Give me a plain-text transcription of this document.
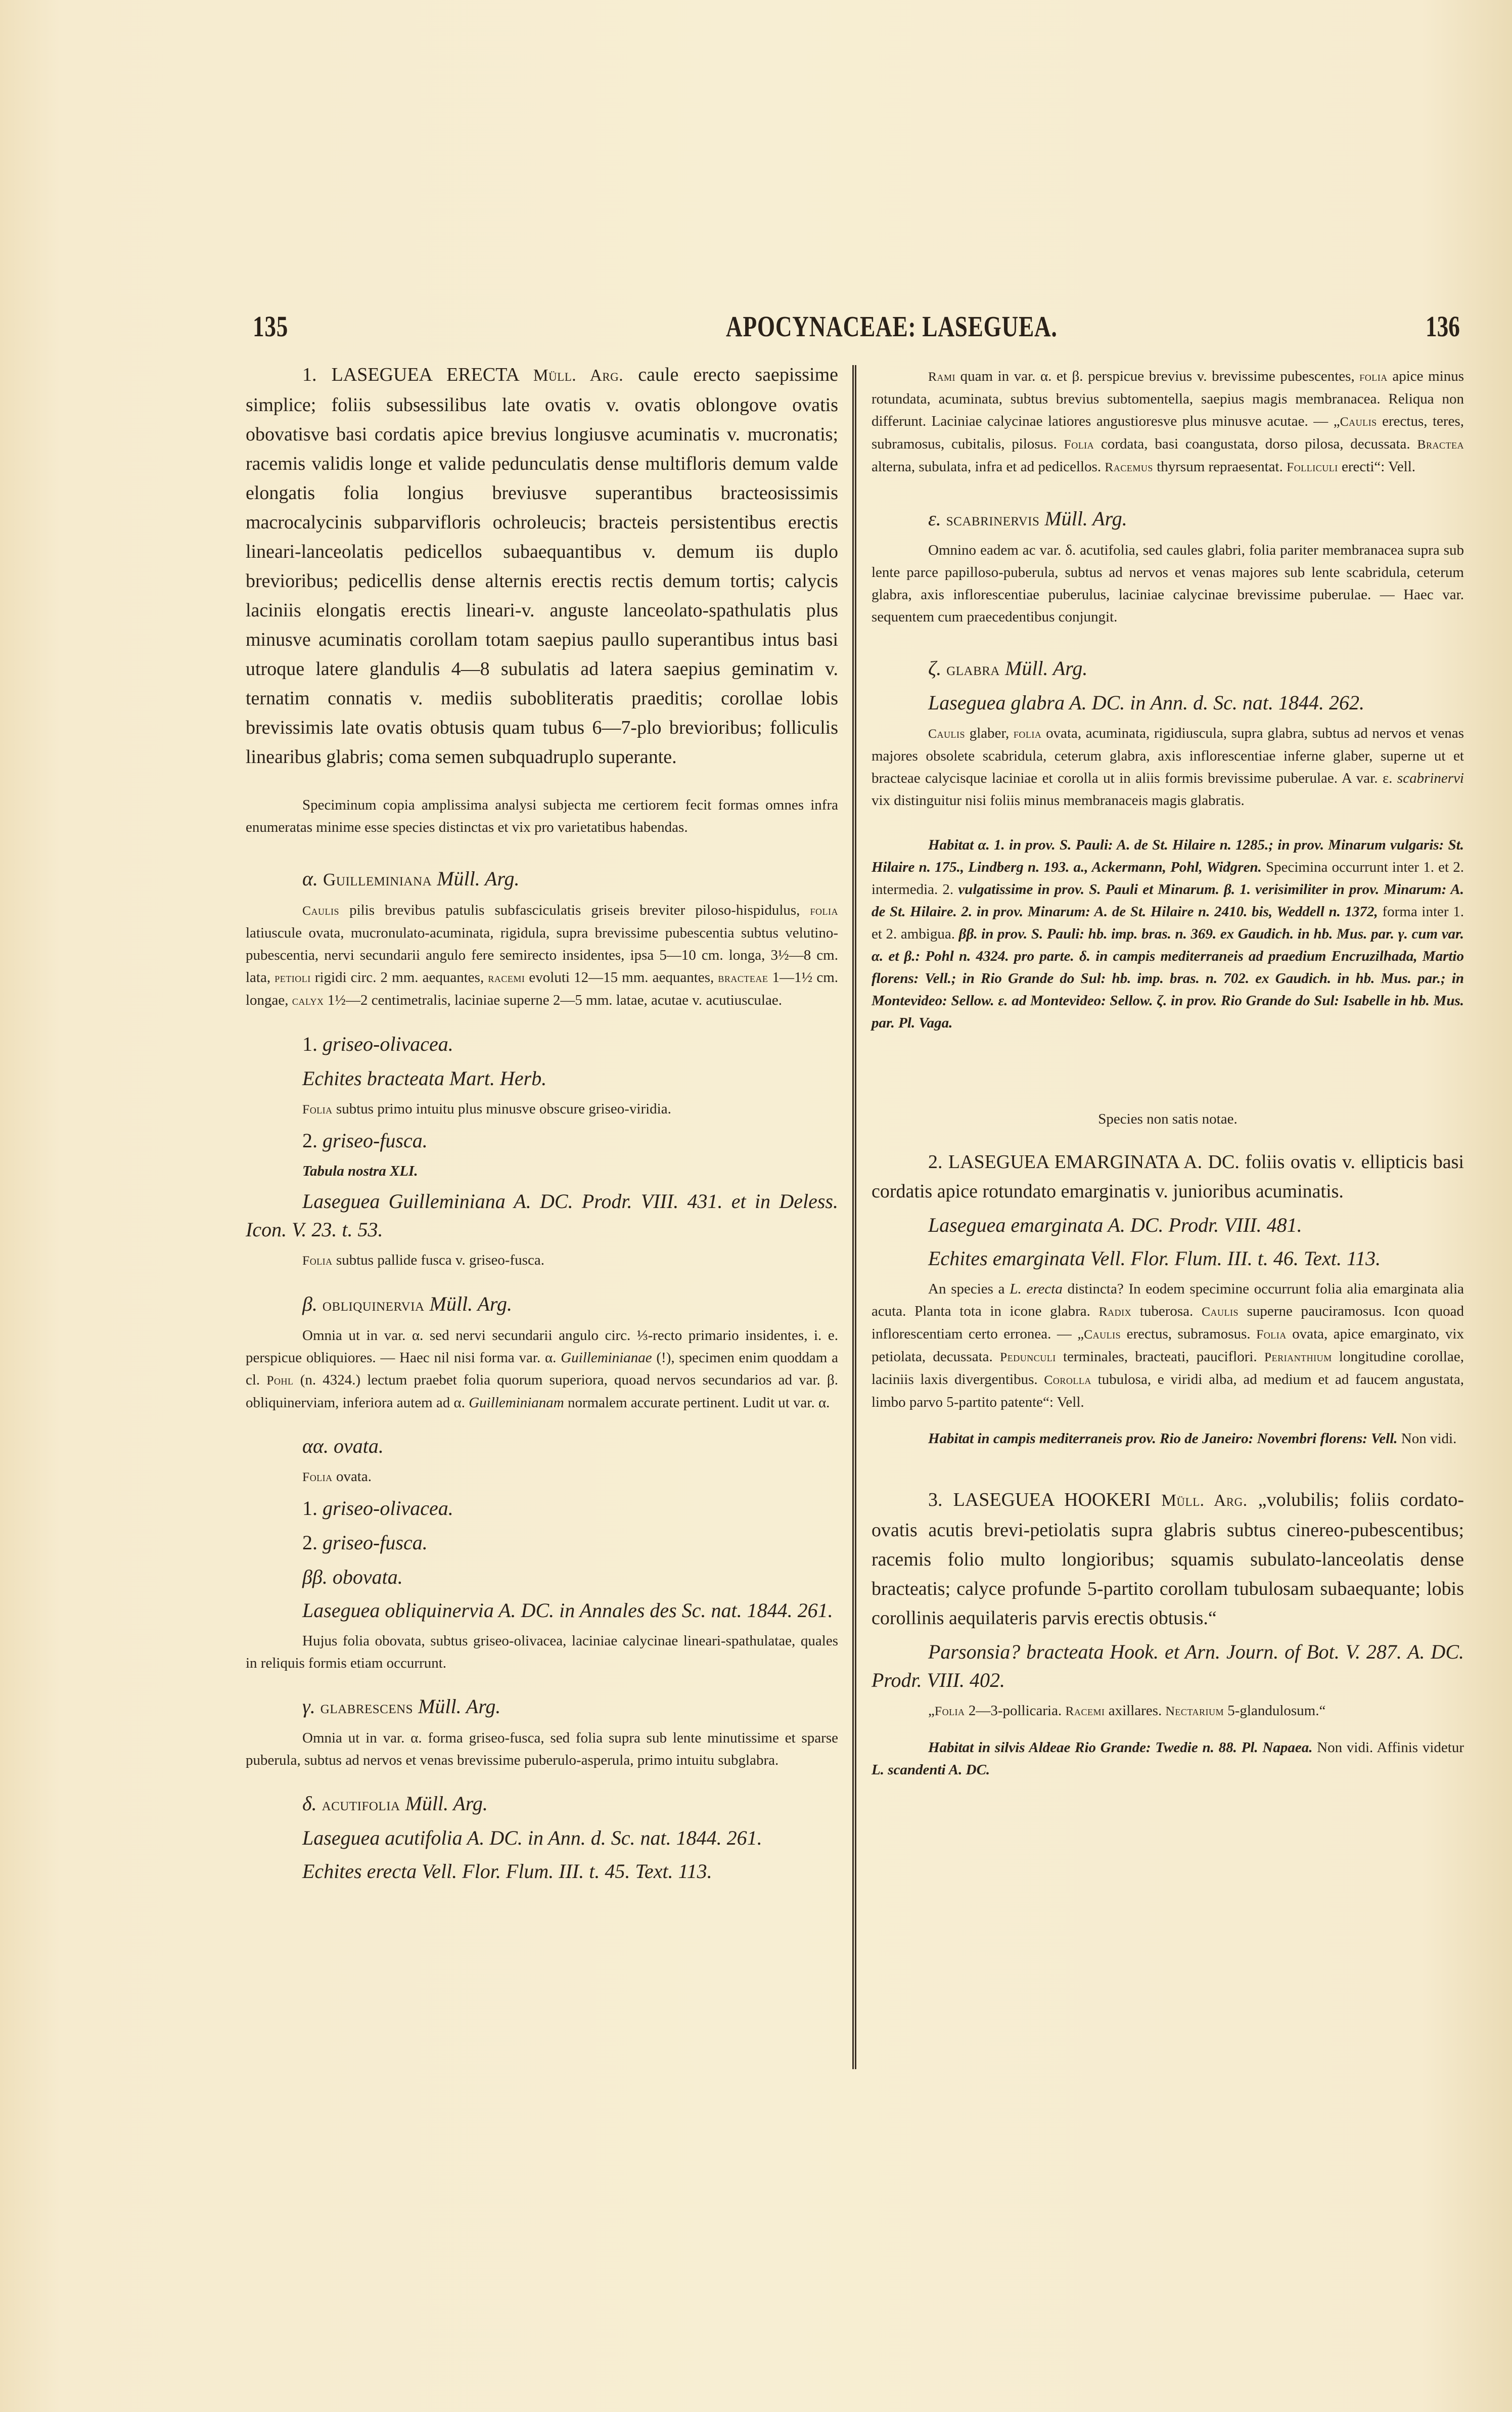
135	APOCYNACEAE: LASEGUEA.	136

1. LASEGUEA ERECTA Müll. Arg. caule erecto saepissime simplice; foliis subsessilibus late ovatis v. ovatis oblongove ovatis obovatisve basi cordatis apice brevius longiusve acuminatis v. mucronatis; racemis validis longe et valide pedunculatis dense multifloris demum valde elongatis folia longius breviusve superantibus bracteosissimis macrocalycinis subparvifloris ochroleucis; bracteis persistentibus erectis lineari-lanceolatis pedicellos subaequantibus v. demum iis duplo brevioribus; pedicellis dense alternis erectis rectis demum tortis; calycis laciniis elongatis erectis lineari-v. anguste lanceolato-spathulatis plus minusve acuminatis corollam totam saepius paullo superantibus intus basi utroque latere glandulis 4—8 subulatis ad latera saepius geminatim v. ternatim connatis v. mediis subobliteratis praeditis; corollae lobis brevissimis late ovatis obtusis quam tubus 6—7-plo brevioribus; folliculis linearibus glabris; coma semen subquadruplo superante.

Speciminum copia amplissima analysi subjecta me certiorem fecit formas omnes infra enumeratas minime esse species distinctas et vix pro varietatibus habendas.

α. Guilleminiana Müll. Arg.

Caulis pilis brevibus patulis subfasciculatis griseis breviter piloso-hispidulus, folia latiuscule ovata, mucronulato-acuminata, rigidula, supra brevissime pubescentia subtus velutino-pubescentia, nervi secundarii angulo fere semirecto insidentes, ipsa 5—10 cm. longa, 3½—8 cm. lata, petioli rigidi circ. 2 mm. aequantes, racemi evoluti 12—15 mm. aequantes, bracteae 1—1½ cm. longae, calyx 1½—2 centimetralis, laciniae superne 2—5 mm. latae, acutae v. acutiusculae.

1. griseo-olivacea.

Echites bracteata Mart. Herb.

Folia subtus primo intuitu plus minusve obscure griseo-viridia.

2. griseo-fusca.

Tabula nostra XLI.

Laseguea Guilleminiana A. DC. Prodr. VIII. 431. et in Deless. Icon. V. 23. t. 53.

Folia subtus pallide fusca v. griseo-fusca.

β. obliquinervia Müll. Arg.

Omnia ut in var. α. sed nervi secundarii angulo circ. ⅓-recto primario insidentes, i. e. perspicue obliquiores. — Haec nil nisi forma var. α. Guilleminianae (!), specimen enim quoddam a cl. Pohl (n. 4324.) lectum praebet folia quorum superiora, quoad nervos secundarios ad var. β. obliquinerviam, inferiora autem ad α. Guilleminianam normalem accurate pertinent. Ludit ut var. α.

αα. ovata.

Folia ovata.

1. griseo-olivacea.

2. griseo-fusca.

ββ. obovata.

Laseguea obliquinervia A. DC. in Annales des Sc. nat. 1844. 261.

Hujus folia obovata, subtus griseo-olivacea, laciniae calycinae lineari-spathulatae, quales in reliquis formis etiam occurrunt.

γ. glabrescens Müll. Arg.

Omnia ut in var. α. forma griseo-fusca, sed folia supra sub lente minutissime et sparse puberula, subtus ad nervos et venas brevissime puberulo-asperula, primo intuitu subglabra.

δ. acutifolia Müll. Arg.

Laseguea acutifolia A. DC. in Ann. d. Sc. nat. 1844. 261.

Echites erecta Vell. Flor. Flum. III. t. 45. Text. 113.

Rami quam in var. α. et β. perspicue brevius v. brevissime pubescentes, folia apice minus rotundata, acuminata, subtus brevius subtomentella, saepius magis membranacea. Reliqua non differunt. Laciniae calycinae latiores angustioresve plus minusve acutae. — „Caulis erectus, teres, subramosus, cubitalis, pilosus. Folia cordata, basi coangustata, dorso pilosa, decussata. Bractea alterna, subulata, infra et ad pedicellos. Racemus thyrsum repraesentat. Folliculi erecti“: Vell.

ε. scabrinervis Müll. Arg.

Omnino eadem ac var. δ. acutifolia, sed caules glabri, folia pariter membranacea supra sub lente parce papilloso-puberula, subtus ad nervos et venas majores sub lente scabridula, ceterum glabra, axis inflorescentiae puberulus, laciniae calycinae brevissime puberulae. — Haec var. sequentem cum praecedentibus conjungit.

ζ. glabra Müll. Arg.

Laseguea glabra A. DC. in Ann. d. Sc. nat. 1844. 262.

Caulis glaber, folia ovata, acuminata, rigidiuscula, supra glabra, subtus ad nervos et venas majores obsolete scabridula, ceterum glabra, axis inflorescentiae inferne glaber, superne ut et bracteae calycisque laciniae et corolla ut in aliis formis brevissime puberulae. A var. ε. scabrinervi vix distinguitur nisi foliis minus membranaceis magis glabratis.

Habitat α. 1. in prov. S. Pauli: A. de St. Hilaire n. 1285.; in prov. Minarum vulgaris: St. Hilaire n. 175., Lindberg n. 193. a., Ackermann, Pohl, Widgren. Specimina occurrunt inter 1. et 2. intermedia. 2. vulgatissime in prov. S. Pauli et Minarum. β. 1. verisimiliter in prov. Minarum: A. de St. Hilaire. 2. in prov. Minarum: A. de St. Hilaire n. 2410. bis, Weddell n. 1372, forma inter 1. et 2. ambigua. ββ. in prov. S. Pauli: hb. imp. bras. n. 369. ex Gaudich. in hb. Mus. par. γ. cum var. α. et β.: Pohl n. 4324. pro parte. δ. in campis mediterraneis ad praedium Encruzilhada, Martio florens: Vell.; in Rio Grande do Sul: hb. imp. bras. n. 702. ex Gaudich. in hb. Mus. par.; in Montevideo: Sellow. ε. ad Montevideo: Sellow. ζ. in prov. Rio Grande do Sul: Isabelle in hb. Mus. par. Pl. Vaga.

Species non satis notae.

2. LASEGUEA EMARGINATA A. DC. foliis ovatis v. ellipticis basi cordatis apice rotundato emarginatis v. junioribus acuminatis.

Laseguea emarginata A. DC. Prodr. VIII. 481.

Echites emarginata Vell. Flor. Flum. III. t. 46. Text. 113.

An species a L. erecta distincta? In eodem specimine occurrunt folia alia emarginata alia acuta. Planta tota in icone glabra. Radix tuberosa. Caulis superne pauciramosus. Icon quoad inflorescentiam certo erronea. — „Caulis erectus, subramosus. Folia ovata, apice emarginato, vix petiolata, decussata. Pedunculi terminales, bracteati, pauciflori. Perianthium longitudine corollae, laciniis laxis divergentibus. Corolla tubulosa, e viridi alba, ad medium et ad faucem angustata, limbo parvo 5-partito patente“: Vell.

Habitat in campis mediterraneis prov. Rio de Janeiro: Novembri florens: Vell. Non vidi.

3. LASEGUEA HOOKERI Müll. Arg. „volubilis; foliis cordato-ovatis acutis brevi-petiolatis supra glabris subtus cinereo-pubescentibus; racemis folio multo longioribus; squamis subulato-lanceolatis dense bracteatis; calyce profunde 5-partito corollam tubulosam subaequante; lobis corollinis aequilateris parvis erectis obtusis.“

Parsonsia? bracteata Hook. et Arn. Journ. of Bot. V. 287. A. DC. Prodr. VIII. 402.

„Folia 2—3-pollicaria. Racemi axillares. Nectarium 5-glandulosum.“

Habitat in silvis Aldeae Rio Grande: Twedie n. 88. Pl. Napaea. Non vidi. Affinis videtur L. scandenti A. DC.
